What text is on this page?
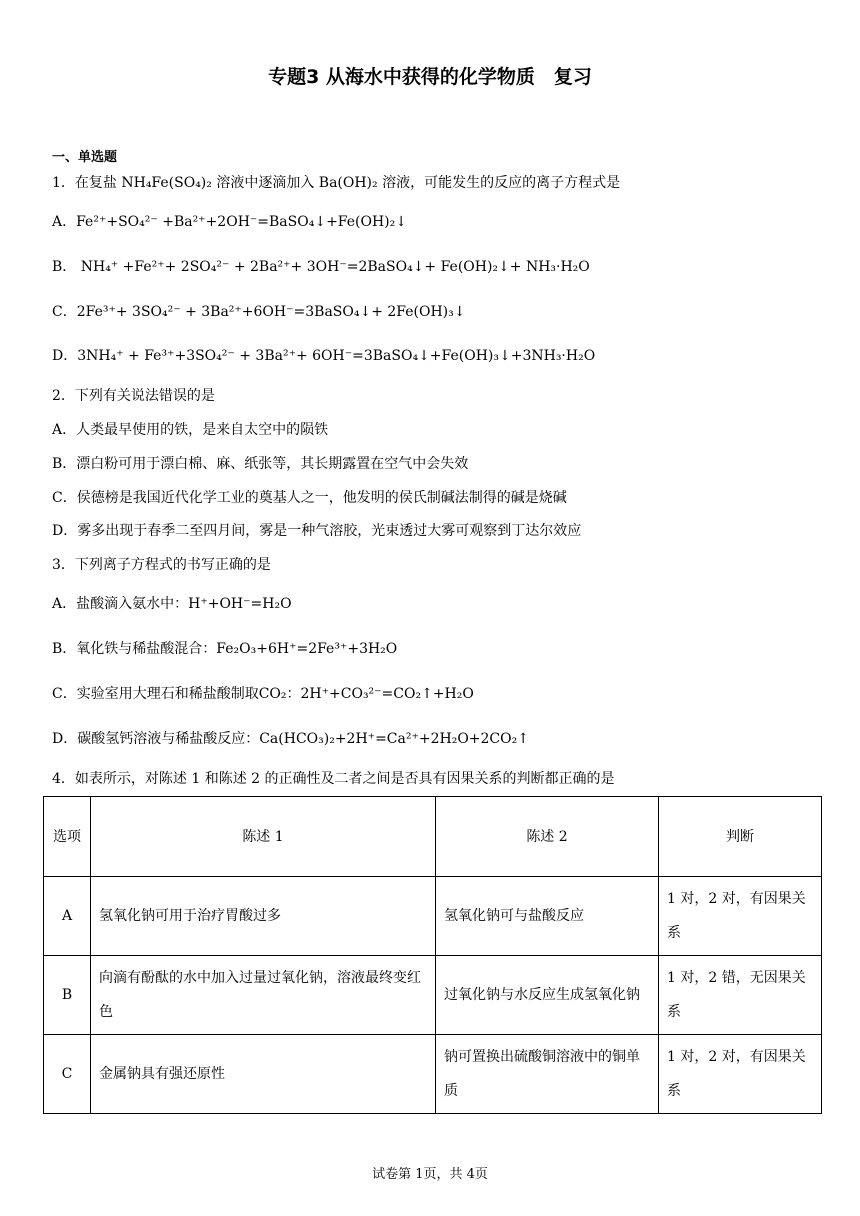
专题3 从海水中获得的化学物质　复习
一、单选题
1．在复盐 NH₄Fe(SO₄)₂ 溶液中逐滴加入 Ba(OH)₂ 溶液，可能发生的反应的离子方程式是
A．Fe²⁺+SO₄²⁻ +Ba²⁺+2OH⁻=BaSO₄↓+Fe(OH)₂↓
B． NH₄⁺ +Fe²⁺+ 2SO₄²⁻ + 2Ba²⁺+ 3OH⁻=2BaSO₄↓+ Fe(OH)₂↓+ NH₃·H₂O
C．2Fe³⁺+ 3SO₄²⁻ + 3Ba²⁺+6OH⁻=3BaSO₄↓+ 2Fe(OH)₃↓
D．3NH₄⁺ + Fe³⁺+3SO₄²⁻ + 3Ba²⁺+ 6OH⁻=3BaSO₄↓+Fe(OH)₃↓+3NH₃·H₂O
2．下列有关说法错误的是
A．人类最早使用的铁，是来自太空中的陨铁
B．漂白粉可用于漂白棉、麻、纸张等，其长期露置在空气中会失效
C．侯德榜是我国近代化学工业的奠基人之一，他发明的侯氏制碱法制得的碱是烧碱
D．雾多出现于春季二至四月间，雾是一种气溶胶，光束透过大雾可观察到丁达尔效应
3．下列离子方程式的书写正确的是
A．盐酸滴入氨水中：H⁺+OH⁻=H₂O
B．氧化铁与稀盐酸混合：Fe₂O₃+6H⁺=2Fe³⁺+3H₂O
C．实验室用大理石和稀盐酸制取CO₂：2H⁺+CO₃²⁻=CO₂↑+H₂O
D．碳酸氢钙溶液与稀盐酸反应：Ca(HCO₃)₂+2H⁺=Ca²⁺+2H₂O+2CO₂↑
4．如表所示，对陈述 1 和陈述 2 的正确性及二者之间是否具有因果关系的判断都正确的是
选项	陈述 1	陈述 2	判断
A	氢氧化钠可用于治疗胃酸过多	氢氧化钠可与盐酸反应	1 对，2 对，有因果关系
B	向滴有酚酞的水中加入过量过氧化钠，溶液最终变红色	过氧化钠与水反应生成氢氧化钠	1 对，2 错，无因果关系
C	金属钠具有强还原性	钠可置换出硫酸铜溶液中的铜单质	1 对，2 对，有因果关系
试卷第 1页，共 4页
